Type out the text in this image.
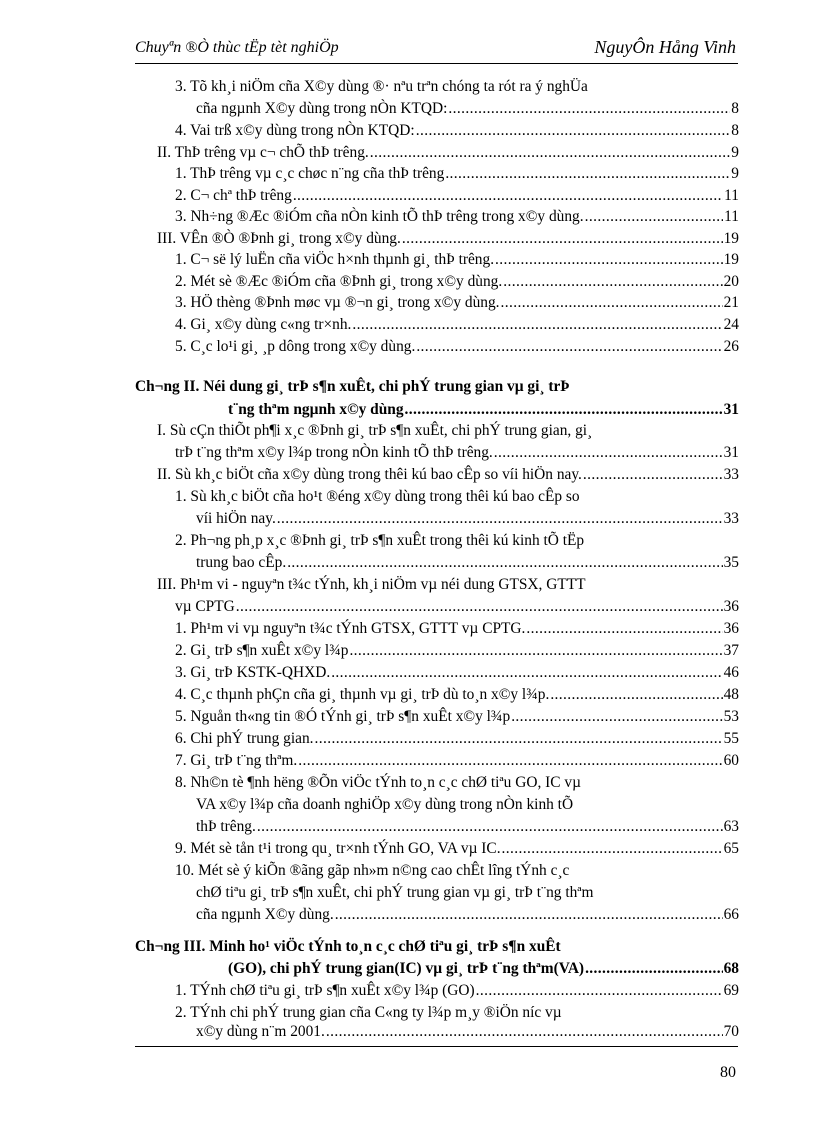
Chuyªn ®Ò thùc tËp tèt nghiÖp	NguyÔn Hång Vinh
3. Tõ kh¸i niÖm cña X©y dùng ®· nªu trªn chóng ta rót ra ý nghÜa
cña ngµnh X©y dùng trong nÒn KTQD: .....	8
4. Vai trß x©y dùng trong nÒn KTQD: .....	8
II. ThÞ trêng vµ c¬ chÕ thÞ trêng. .....	9
1. ThÞ trêng vµ c¸c chøc n¨ng cña thÞ trêng .....	9
2. C¬ chª thÞ trêng .....	11
3. Nh÷ng ®Æc ®iÓm cña nÒn kinh tÕ thÞ trêng trong x©y dùng. .....	11
III. VÊn ®Ò ®Þnh gi¸ trong x©y dùng. .....	19
1. C¬ së lý luËn cña viÖc h×nh thµnh gi¸ thÞ trêng. .....	19
2. Mét sè ®Æc ®iÓm cña ®Þnh gi¸ trong x©y dùng. .....	20
3. HÖ thèng ®Þnh møc vµ ®¬n gi¸ trong x©y dùng. .....	21
4. Gi¸ x©y dùng c«ng tr×nh. .....	24
5. C¸c lo¹i gi¸ ¸p dông trong x©y dùng. .....	26
Ch¬ng II. Néi dung gi¸ trÞ s¶n xuÊt, chi phÝ trung gian vµ gi¸ trÞ
t¨ng thªm ngµnh x©y dùng .....	31
I. Sù cÇn thiÕt ph¶i x¸c ®Þnh gi¸ trÞ s¶n xuÊt, chi phÝ trung gian, gi¸
trÞ t¨ng thªm x©y l¾p trong nÒn kinh tÕ thÞ trêng. .....	31
II. Sù kh¸c biÖt cña x©y dùng trong thêi kú bao cÊp so víi hiÖn nay. .....	33
1. Sù kh¸c biÖt cña ho¹t ®éng x©y dùng trong thêi kú bao cÊp so
víi hiÖn nay. .....	33
2. Ph¬ng ph¸p x¸c ®Þnh gi¸ trÞ s¶n xuÊt trong thêi kú kinh tÕ tËp
trung bao cÊp. .....	35
III. Ph¹m vi - nguyªn t¾c tÝnh, kh¸i niÖm vµ néi dung GTSX, GTTT
vµ CPTG .....	36
1. Ph¹m vi vµ nguyªn t¾c tÝnh GTSX, GTTT vµ CPTG. .....	36
2. Gi¸ trÞ s¶n xuÊt x©y l¾p .....	37
3. Gi¸ trÞ KSTK-QHXD. .....	46
4. C¸c thµnh phÇn cña gi¸ thµnh vµ gi¸ trÞ dù to¸n x©y l¾p. .....	48
5. Nguån th«ng tin ®Ó tÝnh gi¸ trÞ s¶n xuÊt x©y l¾p .....	53
6. Chi phÝ trung gian. .....	55
7. Gi¸ trÞ t¨ng thªm. .....	60
8. Nh©n tè ¶nh hëng ®Õn viÖc tÝnh to¸n c¸c chØ tiªu GO, IC vµ
VA x©y l¾p cña doanh nghiÖp x©y dùng trong nÒn kinh tÕ
thÞ trêng. .....	63
9. Mét sè tån t¹i trong qu¸ tr×nh tÝnh GO, VA vµ IC. .....	65
10. Mét sè ý kiÕn ®ãng gãp nh»m n©ng cao chÊt lîng tÝnh c¸c
chØ tiªu gi¸ trÞ s¶n xuÊt, chi phÝ trung gian vµ gi¸ trÞ t¨ng thªm
cña ngµnh X©y dùng. .....	66
Ch¬ng III. Minh ho¹ viÖc tÝnh to¸n c¸c chØ tiªu gi¸ trÞ s¶n xuÊt
(GO), chi phÝ trung gian(IC) vµ gi¸ trÞ t¨ng thªm(VA) .....	68
1. TÝnh chØ tiªu gi¸ trÞ s¶n xuÊt x©y l¾p (GO) .....	69
2. TÝnh chi phÝ trung gian cña C«ng ty l¾p m¸y ®iÖn níc vµ
x©y dùng n¨m 2001. .....	70
80
